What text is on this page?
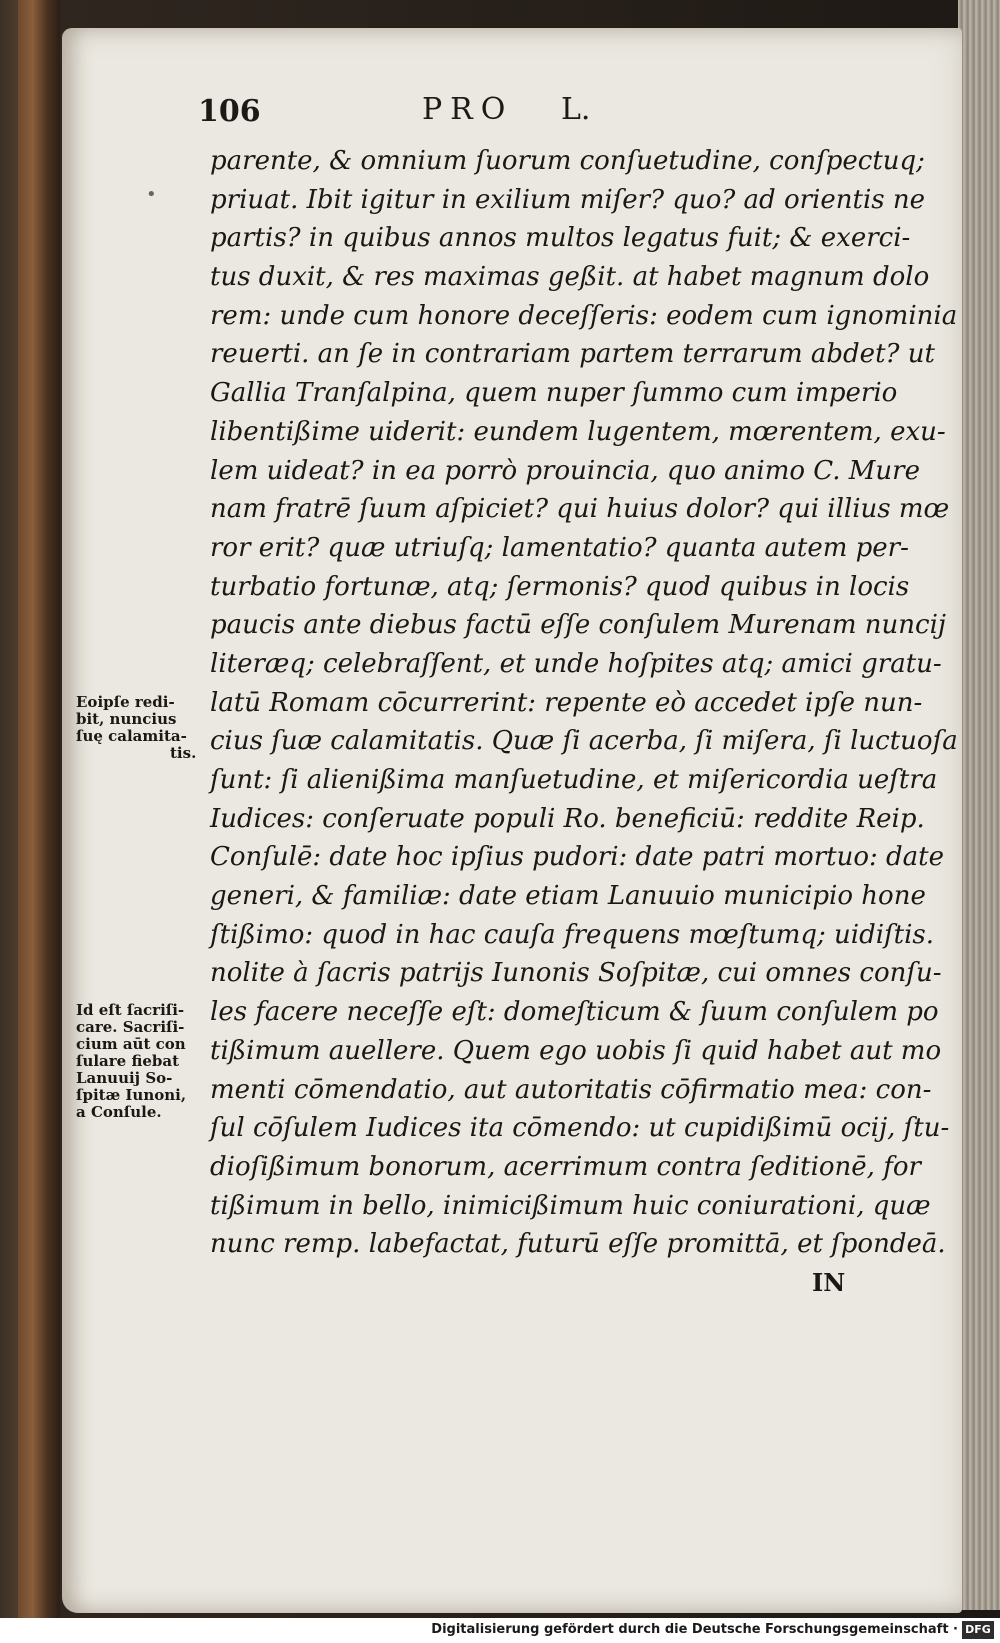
106	PRO L.
•
parente, & omnium ſuorum conſuetudine, conſpectuq;
priuat. Ibit igitur in exilium miſer? quo? ad orientis ne
partis? in quibus annos multos legatus fuit; & exerci-
tus duxit, & res maximas geßit. at habet magnum dolo
rem: unde cum honore deceſſeris: eodem cum ignominia
reuerti. an ſe in contrariam partem terrarum abdet? ut
Gallia Tranſalpina, quem nuper ſummo cum imperio
libentißime uiderit: eundem lugentem, mœrentem, exu-
lem uideat? in ea porrò prouincia, quo animo C. Mure
nam fratrē ſuum aſpiciet? qui huius dolor? qui illius mœ
ror erit? quæ utriuſq; lamentatio? quanta autem per-
turbatio fortunæ, atq; ſermonis? quod quibus in locis
paucis ante diebus factū eſſe conſulem Murenam nuncij
literæq; celebraſſent, et unde hoſpites atq; amici gratu-
latū Romam cōcurrerint: repente eò accedet ipſe nun-
cius ſuæ calamitatis. Quæ ſi acerba, ſi miſera, ſi luctuoſa
ſunt: ſi alienißima manſuetudine, et miſericordia ueſtra
Iudices: conſeruate populi Ro. beneficiū: reddite Reip.
Conſulē: date hoc ipſius pudori: date patri mortuo: date
generi, & familiæ: date etiam Lanuuio municipio hone
ſtißimo: quod in hac cauſa frequens mœſtumq; uidiſtis.
nolite à ſacris patrijs Iunonis Soſpitæ, cui omnes conſu-
les facere neceſſe eſt: domeſticum & ſuum conſulem po
tißimum auellere. Quem ego uobis ſi quid habet aut mo
menti cōmendatio, aut autoritatis cōfirmatio mea: con-
ſul cōſulem Iudices ita cōmendo: ut cupidißimū ocij, ſtu-
dioſißimum bonorum, acerrimum contra ſeditionē, for
tißimum in bello, inimicißimum huic coniurationi, quæ
nunc remp. labefactat, futurū eſſe promittā, et ſpondeā.
IN
Eoipſe redi-
bit, nuncius
ſuę calamita-
tis.
Id eſt ſacriſi-
care. Sacriſi-
cium aūt con
ſulare fiebat
Lanuuij So-
ſpitæ Iunoni,
a Conſule.
Digitalisierung gefördert durch die Deutsche Forschungsgemeinschaft · DFG
